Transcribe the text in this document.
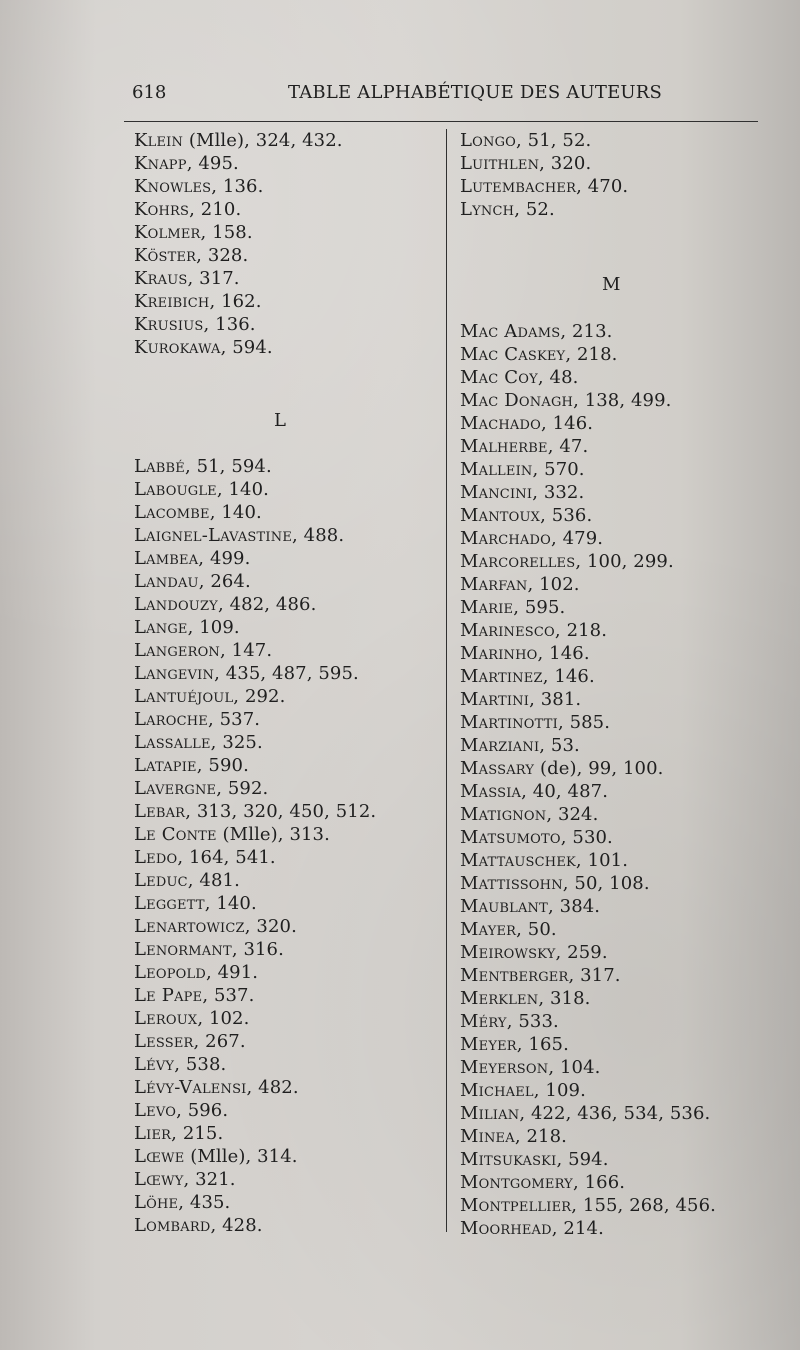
618	TABLE ALPHABÉTIQUE DES AUTEURS
Klein (Mlle), 324, 432.
Knapp, 495.
Knowles, 136.
Kohrs, 210.
Kolmer, 158.
Köster, 328.
Kraus, 317.
Kreibich, 162.
Krusius, 136.
Kurokawa, 594.
L
Labbé, 51, 594.
Labougle, 140.
Lacombe, 140.
Laignel-Lavastine, 488.
Lambea, 499.
Landau, 264.
Landouzy, 482, 486.
Lange, 109.
Langeron, 147.
Langevin, 435, 487, 595.
Lantuéjoul, 292.
Laroche, 537.
Lassalle, 325.
Latapie, 590.
Lavergne, 592.
Lebar, 313, 320, 450, 512.
Le Conte (Mlle), 313.
Ledo, 164, 541.
Leduc, 481.
Leggett, 140.
Lenartowicz, 320.
Lenormant, 316.
Leopold, 491.
Le Pape, 537.
Leroux, 102.
Lesser, 267.
Lévy, 538.
Lévy-Valensi, 482.
Levo, 596.
Lier, 215.
Lœwe (Mlle), 314.
Lœwy, 321.
Löhe, 435.
Lombard, 428.
Longo, 51, 52.
Luithlen, 320.
Lutembacher, 470.
Lynch, 52.
M
Mac Adams, 213.
Mac Caskey, 218.
Mac Coy, 48.
Mac Donagh, 138, 499.
Machado, 146.
Malherbe, 47.
Mallein, 570.
Mancini, 332.
Mantoux, 536.
Marchado, 479.
Marcorelles, 100, 299.
Marfan, 102.
Marie, 595.
Marinesco, 218.
Marinho, 146.
Martinez, 146.
Martini, 381.
Martinotti, 585.
Marziani, 53.
Massary (de), 99, 100.
Massia, 40, 487.
Matignon, 324.
Matsumoto, 530.
Mattauschek, 101.
Mattissohn, 50, 108.
Maublant, 384.
Mayer, 50.
Meirowsky, 259.
Mentberger, 317.
Merklen, 318.
Méry, 533.
Meyer, 165.
Meyerson, 104.
Michael, 109.
Milian, 422, 436, 534, 536.
Minea, 218.
Mitsukaski, 594.
Montgomery, 166.
Montpellier, 155, 268, 456.
Moorhead, 214.
